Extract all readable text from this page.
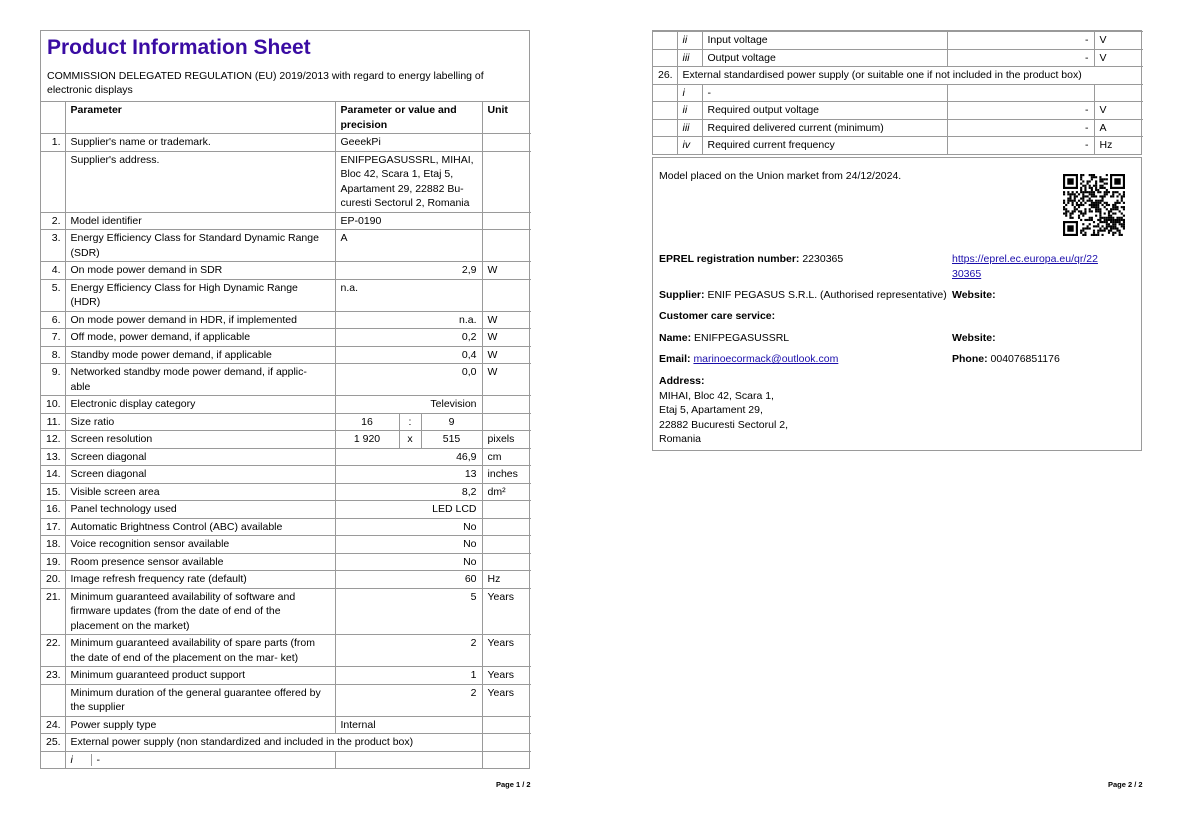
Product Information Sheet
COMMISSION DELEGATED REGULATION (EU) 2019/2013 with regard to energy labelling of electronic displays
	Parameter	Parameter or value and precision			Unit
1.	Supplier's name or trademark.	GeeekPi			
	Supplier's address.	ENIFPEGASUSSRL, MIHAI, Bloc 42, Scara 1, Etaj 5, Apartament 29, 22882 Bu- curesti Sectorul 2, Romania			
2.	Model identifier	EP-0190			
3.	Energy Efficiency Class for Standard Dynamic Range (SDR)	A			
4.	On mode power demand in SDR	2,9			W
5.	Energy Efficiency Class for High Dynamic Range (HDR)	n.a.			
6.	On mode power demand in HDR, if implemented	n.a.			W
7.	Off mode, power demand, if applicable	0,2			W
8.	Standby mode power demand, if applicable	0,4			W
9.	Networked standby mode power demand, if applic- able	0,0			W
10.	Electronic display category	Television			
11.	Size ratio	16	:	9	
12.	Screen resolution	1 920	x	515	pixels
13.	Screen diagonal	46,9			cm
14.	Screen diagonal	13			inches
15.	Visible screen area	8,2			dm²
16.	Panel technology used	LED LCD			
17.	Automatic Brightness Control (ABC) available	No			
18.	Voice recognition sensor available	No			
19.	Room presence sensor available	No			
20.	Image refresh frequency rate (default)	60			Hz
21.	Minimum guaranteed availability of software and firmware updates (from the date of end of the placement on the market)	5			Years
22.	Minimum guaranteed availability of spare parts (from the date of end of the placement on the mar- ket)	2			Years
23.	Minimum guaranteed product support	1			Years
	Minimum duration of the general guarantee offered by the supplier	2			Years
24.	Power supply type	Internal			
25.	External power supply (non standardized and included in the product box)				
	i -				
Page 1 / 2
	ii	Input voltage	-	V
	iii	Output voltage	-	V
26.	External standardised power supply (or suitable one if not included in the product box)			
	i	-		
	ii	Required output voltage	-	V
	iii	Required delivered current (minimum)	-	A
	iv	Required current frequency	-	Hz
Model placed on the Union market from 24/12/2024.
EPREL registration number: 2230365	https://eprel.ec.europa.eu/qr/22
30365
Supplier: ENIF PEGASUS S.R.L. (Authorised representative) Website:
Customer care service:
Name: ENIFPEGASUSSRL	Website:
Email: marinoecormack@outlook.com	Phone: 004076851176
Address:
MIHAI, Bloc 42, Scara 1,
Etaj 5, Apartament 29,
22882 Bucuresti Sectorul 2,
Romania
Page 2 / 2
